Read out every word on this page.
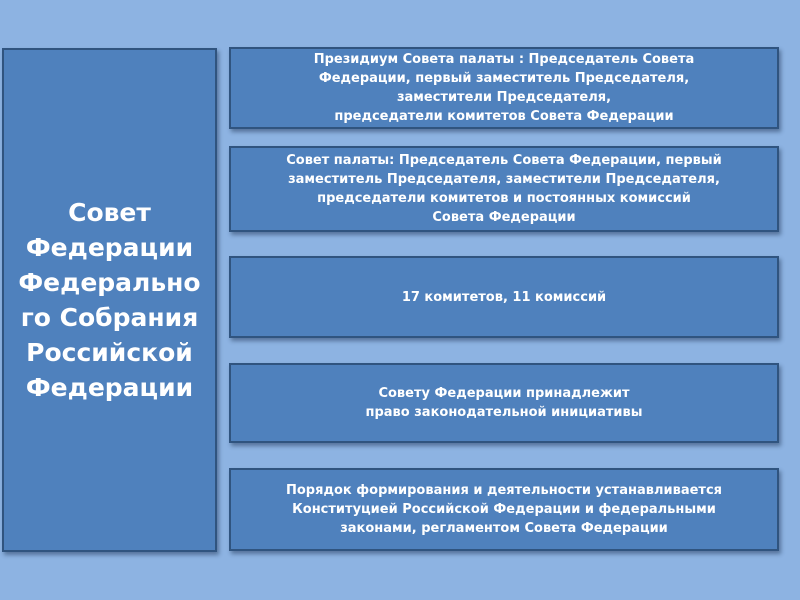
Совет
Федерации
Федерально
го Собрания
Российской
Федерации
Президиум Совета палаты : Председатель Совета
Федерации, первый заместитель Председателя,
заместители Председателя,
председатели комитетов Совета Федерации
Совет палаты: Председатель Совета Федерации, первый
заместитель Председателя, заместители Председателя,
председатели комитетов и постоянных комиссий
Совета Федерации
17 комитетов, 11 комиссий
Совету Федерации принадлежит
право законодательной инициативы
Порядок формирования и деятельности устанавливается
Конституцией Российской Федерации и федеральными
законами, регламентом Совета Федерации
